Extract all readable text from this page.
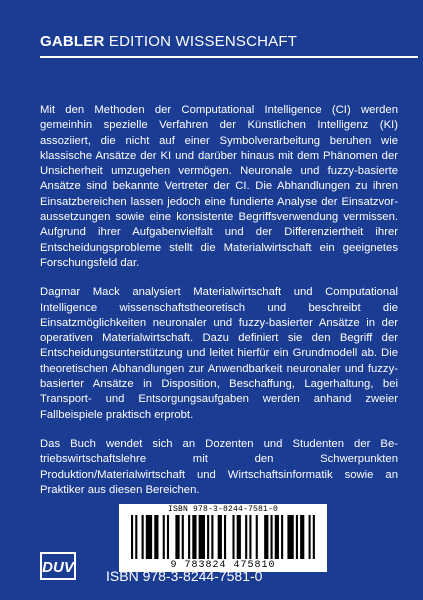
GABLER EDITION WISSENSCHAFT

Mit den Methoden der Computational Intelligence (CI) werden gemeinhin spezielle Verfahren der Künstlichen Intelligenz (KI) assoziiert, die nicht auf einer Symbolverarbeitung beruhen wie klassische Ansätze der KI und darüber hinaus mit dem Phänomen der Unsicherheit umzugehen vermögen. Neuronale und fuzzy-basierte Ansätze sind bekannte Vertreter der CI. Die Abhandlungen zu ihren Einsatzbereichen lassen jedoch eine fundierte Analyse der Einsatzvoraussetzungen sowie eine konsistente Begriffsverwendung vermissen. Aufgrund ihrer Aufgabenvielfalt und der Differenziertheit ihrer Entscheidungsprobleme stellt die Materialwirtschaft ein geeignetes Forschungsfeld dar.

Dagmar Mack analysiert Materialwirtschaft und Computational Intelligence wissenschaftstheoretisch und beschreibt die Einsatzmöglichkeiten neuronaler und fuzzy-basierter Ansätze in der operativen Materialwirtschaft. Dazu definiert sie den Begriff der Entscheidungsunterstützung und leitet hierfür ein Grundmodell ab. Die theoretischen Abhandlungen zur Anwendbarkeit neuronaler und fuzzy-basierter Ansätze in Disposition, Beschaffung, Lagerhaltung, bei Transport- und Entsorgungsaufgaben werden anhand zweier Fallbeispiele praktisch erprobt.

Das Buch wendet sich an Dozenten und Studenten der Betriebswirtschaftslehre mit den Schwerpunkten Produktion/Materialwirtschaft und Wirtschaftsinformatik sowie an Praktiker aus diesen Bereichen.

ISBN 978-3-8244-7581-0
9 783824 475810
DUV ISBN 978-3-8244-7581-0
